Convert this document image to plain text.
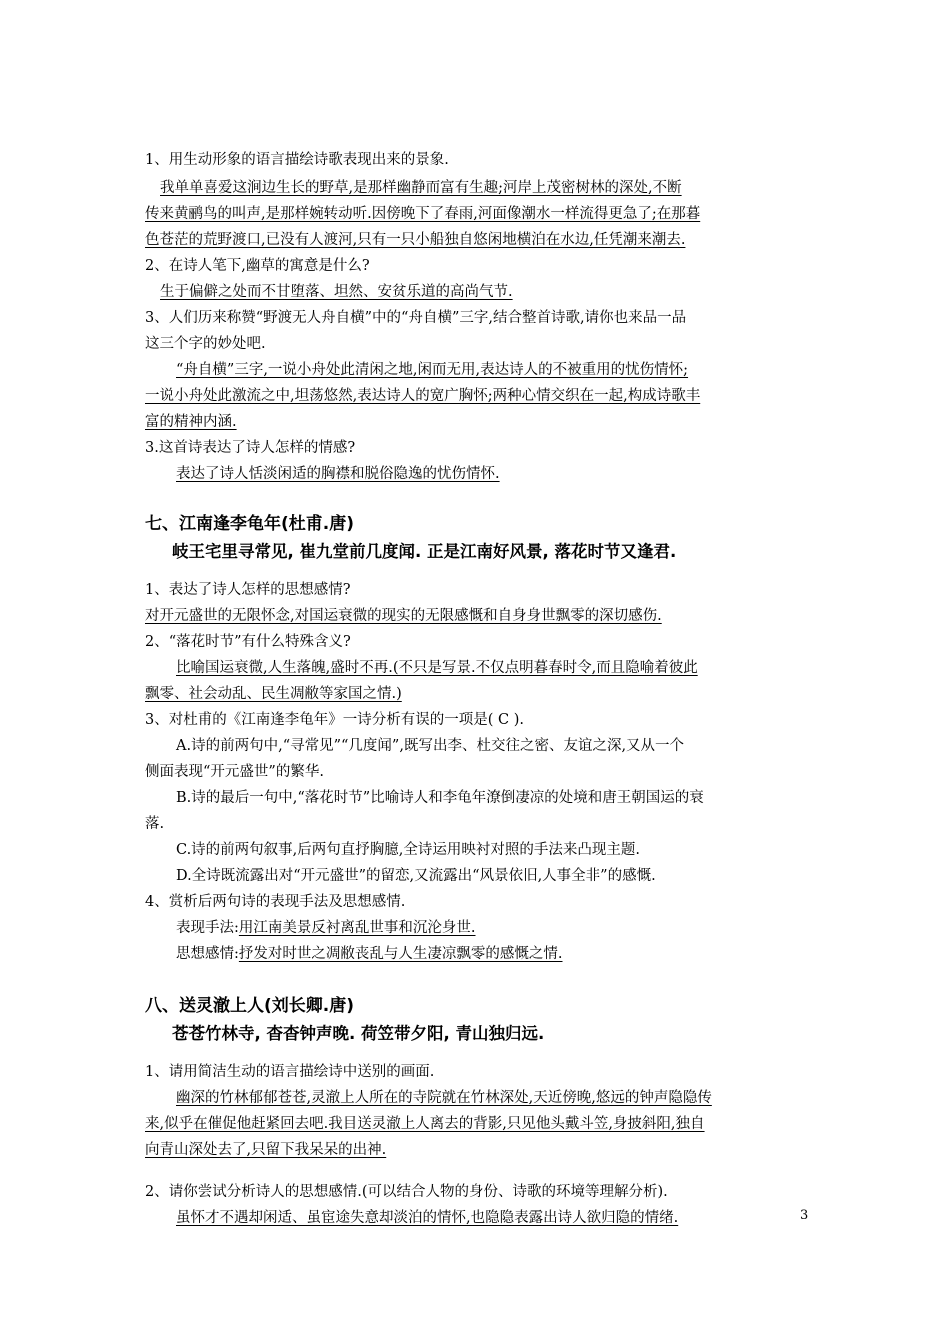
1、用生动形象的语言描绘诗歌表现出来的景象.
我单单喜爱这涧边生长的野草,是那样幽静而富有生趣;河岸上茂密树林的深处,不断
传来黄鹂鸟的叫声,是那样婉转动听.因傍晚下了春雨,河面像潮水一样流得更急了;在那暮
色苍茫的荒野渡口,已没有人渡河,只有一只小船独自悠闲地横泊在水边,任凭潮来潮去.
2、在诗人笔下,幽草的寓意是什么?
生于偏僻之处而不甘堕落、坦然、安贫乐道的高尚气节.
3、人们历来称赞“野渡无人舟自横”中的“舟自横”三字,结合整首诗歌,请你也来品一品
这三个字的妙处吧.
“舟自横”三字,一说小舟处此清闲之地,闲而无用,表达诗人的不被重用的忧伤情怀;
一说小舟处此激流之中,坦荡悠然,表达诗人的宽广胸怀;两种心情交织在一起,构成诗歌丰
富的精神内涵.
3.这首诗表达了诗人怎样的情感?
表达了诗人恬淡闲适的胸襟和脱俗隐逸的忧伤情怀.
1、表达了诗人怎样的思想感情?
对开元盛世的无限怀念,对国运衰微的现实的无限感慨和自身身世飘零的深切感伤.
2、“落花时节”有什么特殊含义?
比喻国运衰微,人生落魄,盛时不再.(不只是写景.不仅点明暮春时令,而且隐喻着彼此
飘零、社会动乱、民生凋敝等家国之情.)
3、对杜甫的《江南逢李龟年》一诗分析有误的一项是( C ).
A.诗的前两句中,“寻常见”“几度闻”,既写出李、杜交往之密、友谊之深,又从一个
侧面表现“开元盛世”的繁华.
B.诗的最后一句中,“落花时节”比喻诗人和李龟年潦倒凄凉的处境和唐王朝国运的衰
落.
C.诗的前两句叙事,后两句直抒胸臆,全诗运用映衬对照的手法来凸现主题.
D.全诗既流露出对“开元盛世”的留恋,又流露出“风景依旧,人事全非”的感慨.
4、赏析后两句诗的表现手法及思想感情.
1、请用简洁生动的语言描绘诗中送别的画面.
幽深的竹林郁郁苍苍,灵澈上人所在的寺院就在竹林深处,天近傍晚,悠远的钟声隐隐传
来,似乎在催促他赶紧回去吧.我目送灵澈上人离去的背影,只见他头戴斗笠,身披斜阳,独自
向青山深处去了,只留下我呆呆的出神.
2、请你尝试分析诗人的思想感情.(可以结合人物的身份、诗歌的环境等理解分析).
虽怀才不遇却闲适、虽宦途失意却淡泊的情怀,也隐隐表露出诗人欲归隐的情绪.
表现手法:用江南美景反衬离乱世事和沉沦身世.
思想感情:抒发对时世之凋敝丧乱与人生凄凉飘零的感慨之情.
七、江南逢李龟年(杜甫.唐)
八、送灵澈上人(刘长卿.唐)
岐王宅里寻常见, 崔九堂前几度闻. 正是江南好风景, 落花时节又逢君.
苍苍竹林寺, 杳杳钟声晚. 荷笠带夕阳, 青山独归远.
3
